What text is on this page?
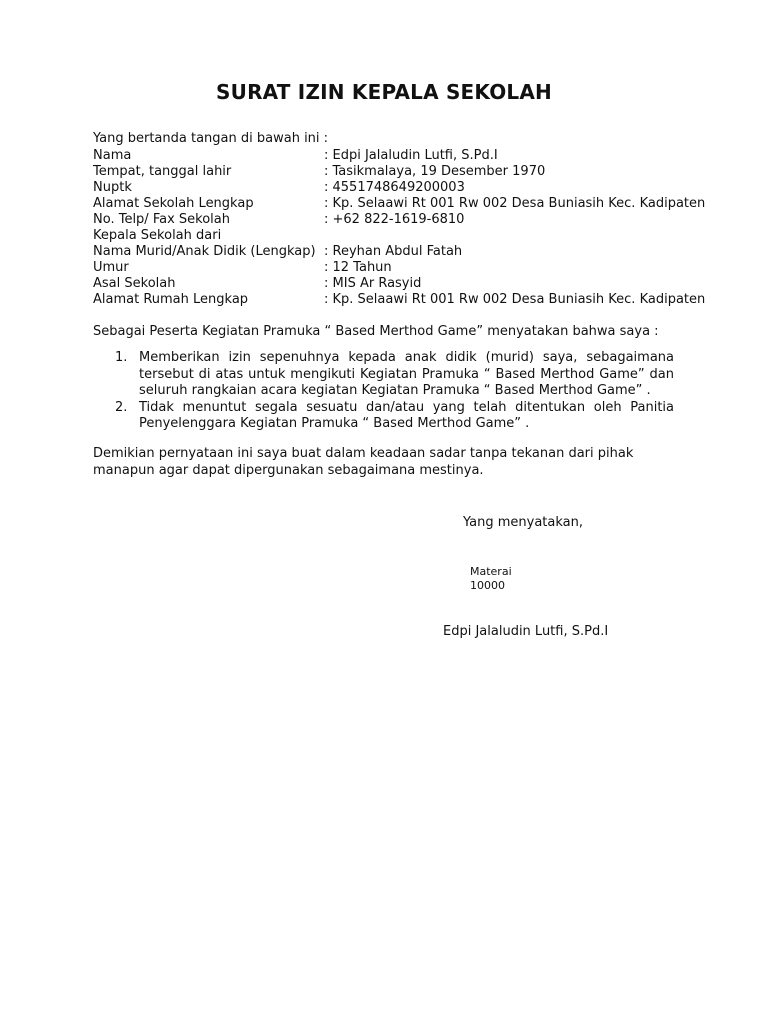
SURAT IZIN KEPALA SEKOLAH
Yang bertanda tangan di bawah ini :
Nama	: Edpi Jalaludin Lutfi, S.Pd.I
Tempat, tanggal lahir	: Tasikmalaya, 19 Desember 1970
Nuptk	: 4551748649200003
Alamat Sekolah Lengkap	: Kp. Selaawi Rt 001 Rw 002 Desa Buniasih Kec. Kadipaten
No. Telp/ Fax Sekolah	: +62 822-1619-6810
Kepala Sekolah dari
Nama Murid/Anak Didik (Lengkap) : Reyhan Abdul Fatah
Umur	: 12 Tahun
Asal Sekolah	: MIS Ar Rasyid
Alamat Rumah Lengkap	: Kp. Selaawi Rt 001 Rw 002 Desa Buniasih Kec. Kadipaten
Sebagai Peserta Kegiatan Pramuka “ Based Merthod Game” menyatakan bahwa saya :
1. Memberikan izin sepenuhnya kepada anak didik (murid) saya, sebagaimana tersebut di atas untuk mengikuti Kegiatan Pramuka “ Based Merthod Game” dan seluruh rangkaian acara kegiatan Kegiatan Pramuka “ Based Merthod Game” .
2. Tidak menuntut segala sesuatu dan/atau yang telah ditentukan oleh Panitia Penyelenggara Kegiatan Pramuka “ Based Merthod Game” .
Demikian pernyataan ini saya buat dalam keadaan sadar tanpa tekanan dari pihak manapun agar dapat dipergunakan sebagaimana mestinya.
Yang menyatakan,
Materai
10000
Edpi Jalaludin Lutfi, S.Pd.I
